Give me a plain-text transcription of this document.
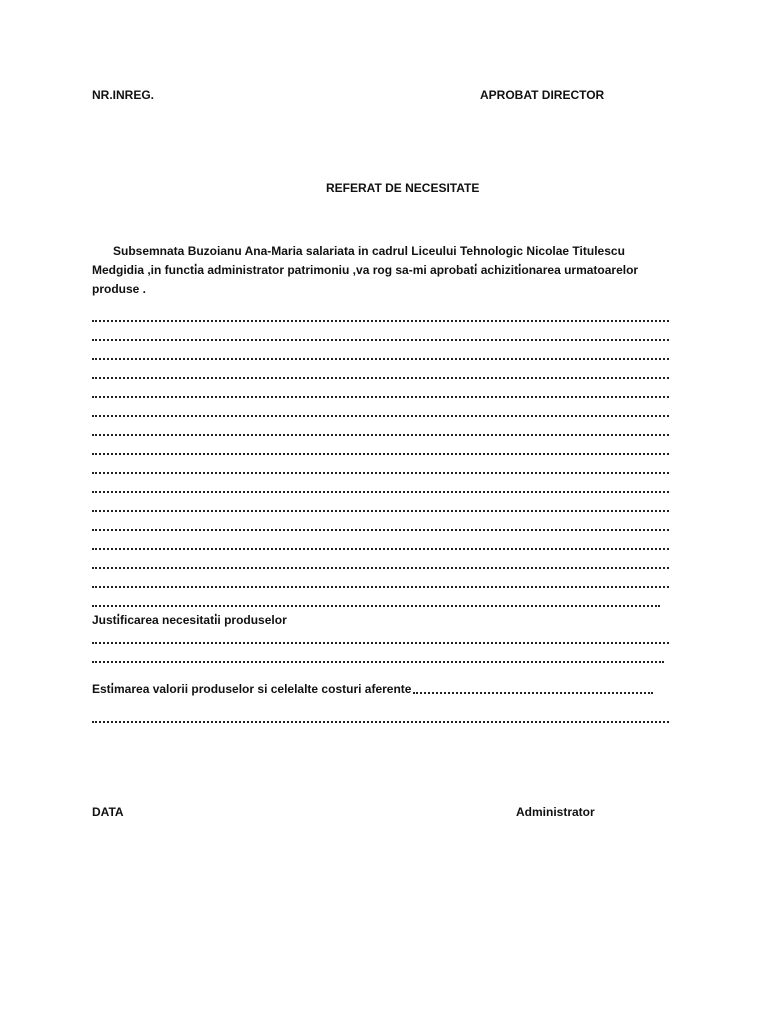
NR.INREG.	APROBAT DIRECTOR
REFERAT DE NECESITATE
Subsemnata Buzoianu Ana-Maria salariata in cadrul Liceului Tehnologic Nicolae Titulescu Medgidia ,in functi̇a administrator patrimoniu ,va rog sa-mi aprobati̇ achiziti̇onarea urmatoarelor produse .
Justi̇ficarea necesitati̇i produselor
Esti̇marea valorii produselor si celelalte costuri aferente
DATA	Administrator
